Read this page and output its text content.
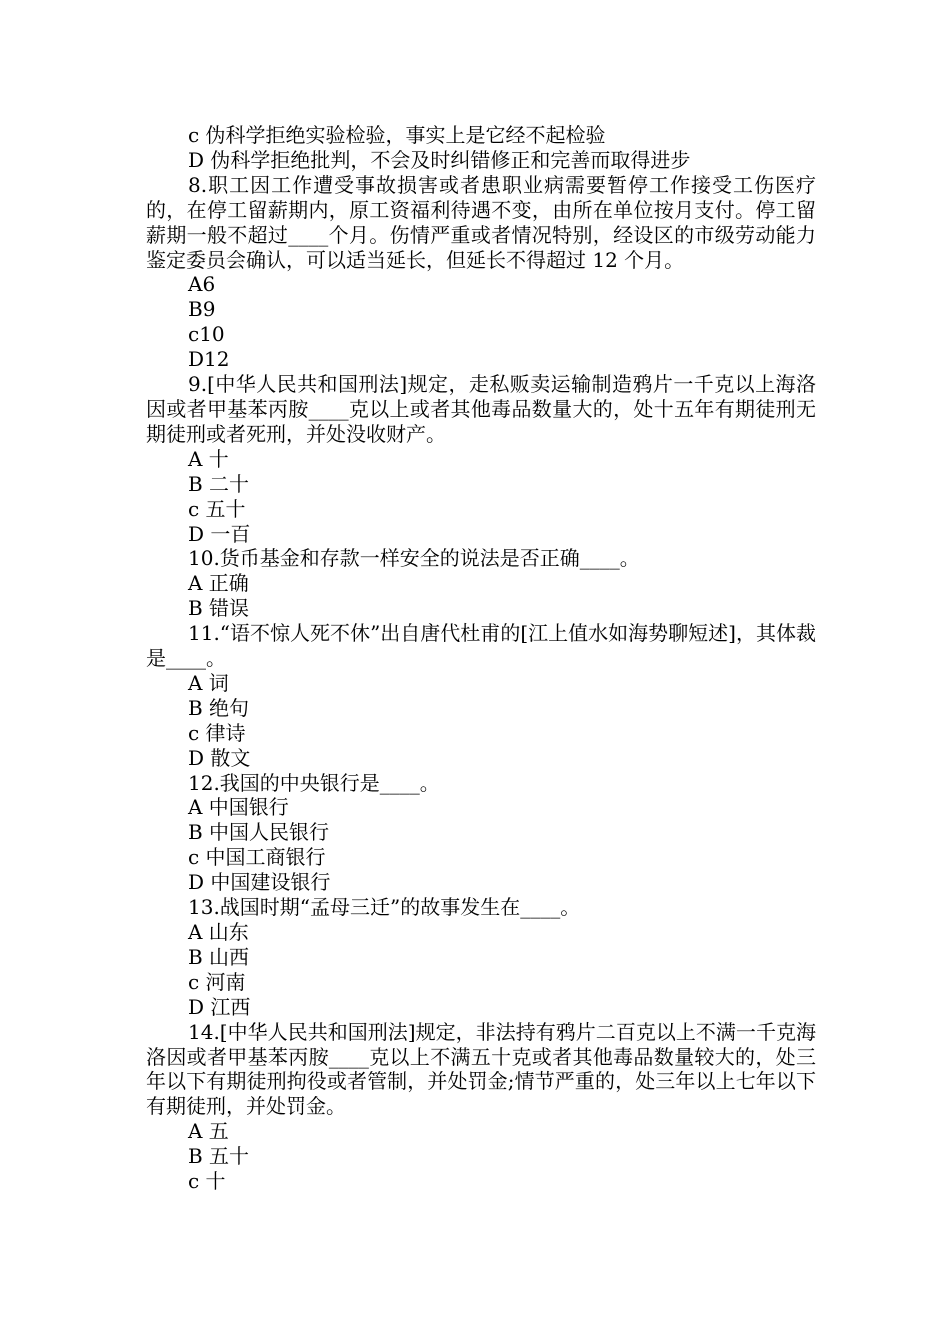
c 伪科学拒绝实验检验，事实上是它经不起检验

D 伪科学拒绝批判，不会及时纠错修正和完善而取得进步

8.职工因工作遭受事故损害或者患职业病需要暂停工作接受工伤医疗的，在停工留薪期内，原工资福利待遇不变，由所在单位按月支付。停工留薪期一般不超过____个月。伤情严重或者情况特别，经设区的市级劳动能力鉴定委员会确认，可以适当延长，但延长不得超过 12 个月。

A6

B9

c10

D12

9.[中华人民共和国刑法]规定，走私贩卖运输制造鸦片一千克以上海洛因或者甲基苯丙胺____克以上或者其他毒品数量大的，处十五年有期徒刑无期徒刑或者死刑，并处没收财产。

A 十

B 二十

c 五十

D 一百

10.货币基金和存款一样安全的说法是否正确____。

A 正确

B 错误

11.“语不惊人死不休”出自唐代杜甫的[江上值水如海势聊短述]，其体裁是____。

A 词

B 绝句

c 律诗

D 散文

12.我国的中央银行是____。

A 中国银行

B 中国人民银行

c 中国工商银行

D 中国建设银行

13.战国时期“孟母三迁”的故事发生在____。

A 山东

B 山西

c 河南

D 江西

14.[中华人民共和国刑法]规定，非法持有鸦片二百克以上不满一千克海洛因或者甲基苯丙胺____克以上不满五十克或者其他毒品数量较大的，处三年以下有期徒刑拘役或者管制，并处罚金;情节严重的，处三年以上七年以下有期徒刑，并处罚金。

A 五

B 五十

c 十
